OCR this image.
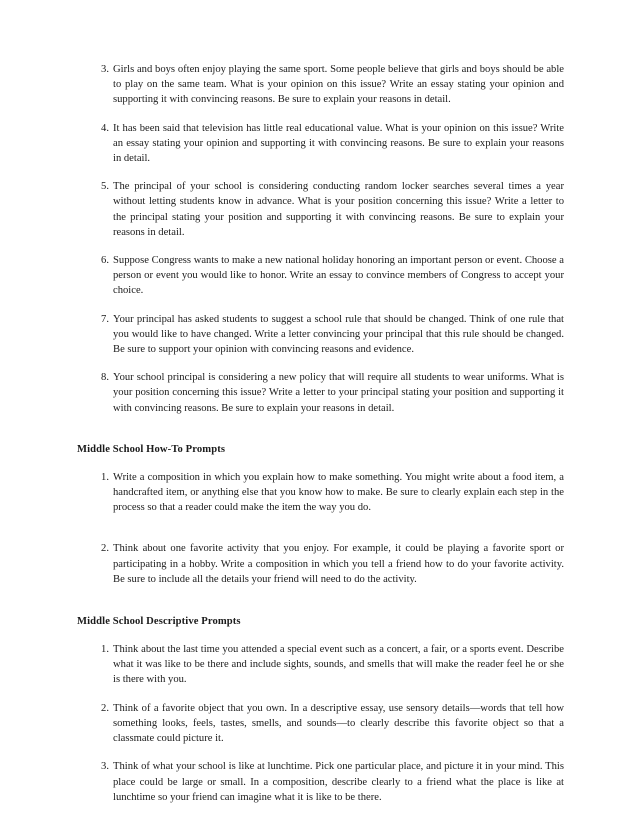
3. Girls and boys often enjoy playing the same sport. Some people believe that girls and boys should be able to play on the same team. What is your opinion on this issue? Write an essay stating your opinion and supporting it with convincing reasons. Be sure to explain your reasons in detail.
4. It has been said that television has little real educational value. What is your opinion on this issue? Write an essay stating your opinion and supporting it with convincing reasons. Be sure to explain your reasons in detail.
5. The principal of your school is considering conducting random locker searches several times a year without letting students know in advance. What is your position concerning this issue? Write a letter to the principal stating your position and supporting it with convincing reasons. Be sure to explain your reasons in detail.
6. Suppose Congress wants to make a new national holiday honoring an important person or event. Choose a person or event you would like to honor. Write an essay to convince members of Congress to accept your choice.
7. Your principal has asked students to suggest a school rule that should be changed. Think of one rule that you would like to have changed. Write a letter convincing your principal that this rule should be changed. Be sure to support your opinion with convincing reasons and evidence.
8. Your school principal is considering a new policy that will require all students to wear uniforms. What is your position concerning this issue? Write a letter to your principal stating your position and supporting it with convincing reasons. Be sure to explain your reasons in detail.
Middle School How-To Prompts
1. Write a composition in which you explain how to make something. You might write about a food item, a handcrafted item, or anything else that you know how to make. Be sure to clearly explain each step in the process so that a reader could make the item the way you do.
2. Think about one favorite activity that you enjoy. For example, it could be playing a favorite sport or participating in a hobby. Write a composition in which you tell a friend how to do your favorite activity. Be sure to include all the details your friend will need to do the activity.
Middle School Descriptive Prompts
1. Think about the last time you attended a special event such as a concert, a fair, or a sports event. Describe what it was like to be there and include sights, sounds, and smells that will make the reader feel he or she is there with you.
2. Think of a favorite object that you own. In a descriptive essay, use sensory details—words that tell how something looks, feels, tastes, smells, and sounds—to clearly describe this favorite object so that a classmate could picture it.
3. Think of what your school is like at lunchtime. Pick one particular place, and picture it in your mind. This place could be large or small. In a composition, describe clearly to a friend what the place is like at lunchtime so your friend can imagine what it is like to be there.
